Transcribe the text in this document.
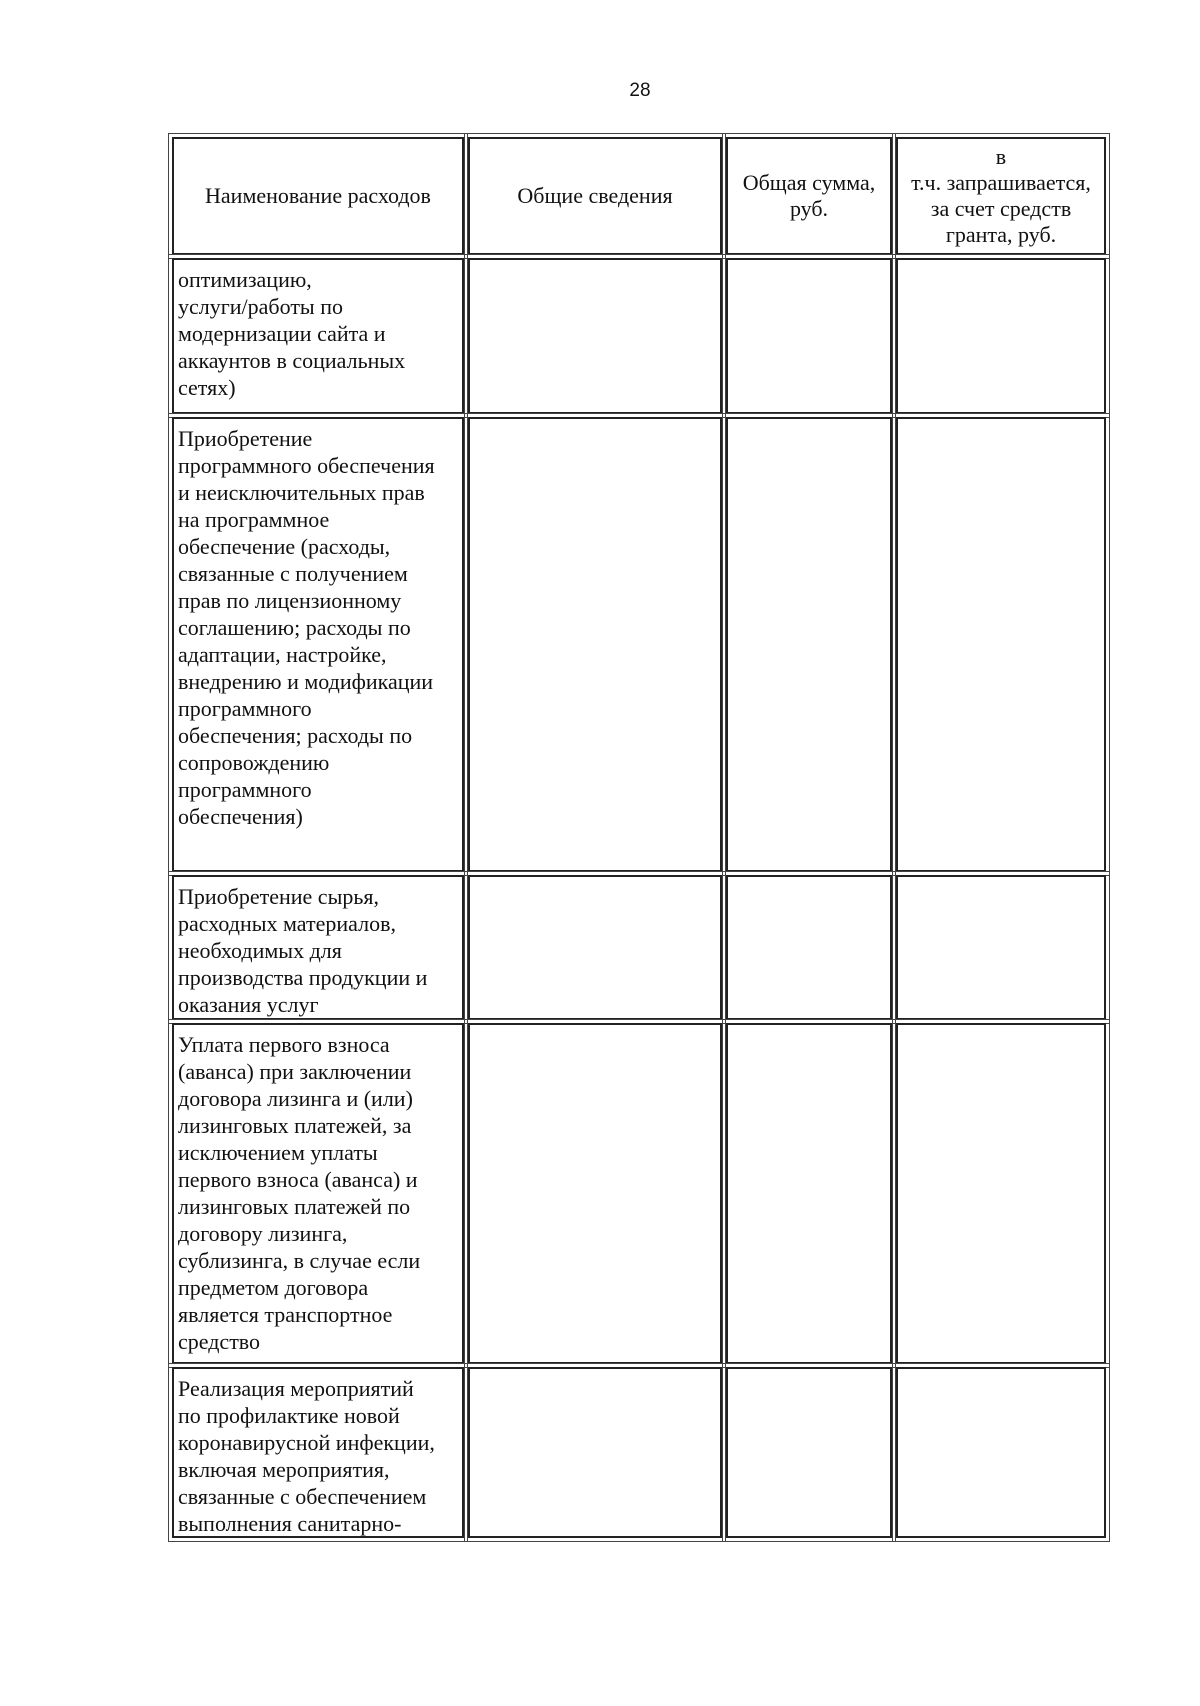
28
Наименование расходов	Общие сведения
Общая сумма,
руб.
в
т.ч. запрашивается,
за счет средств
гранта, руб.
оптимизацию,
услуги/работы по
модернизации сайта и
аккаунтов в социальных
сетях)
Приобретение
программного обеспечения
и неисключительных прав
на программное
обеспечение (расходы,
связанные с получением
прав по лицензионному
соглашению; расходы по
адаптации, настройке,
внедрению и модификации
программного
обеспечения; расходы по
сопровождению
программного
обеспечения)
Приобретение сырья,
расходных материалов,
необходимых для
производства продукции и
оказания услуг
Уплата первого взноса
(аванса) при заключении
договора лизинга и (или)
лизинговых платежей, за
исключением уплаты
первого взноса (аванса) и
лизинговых платежей по
договору лизинга,
сублизинга, в случае если
предметом договора
является транспортное
средство
Реализация мероприятий
по профилактике новой
коронавирусной инфекции,
включая мероприятия,
связанные с обеспечением
выполнения санитарно-
